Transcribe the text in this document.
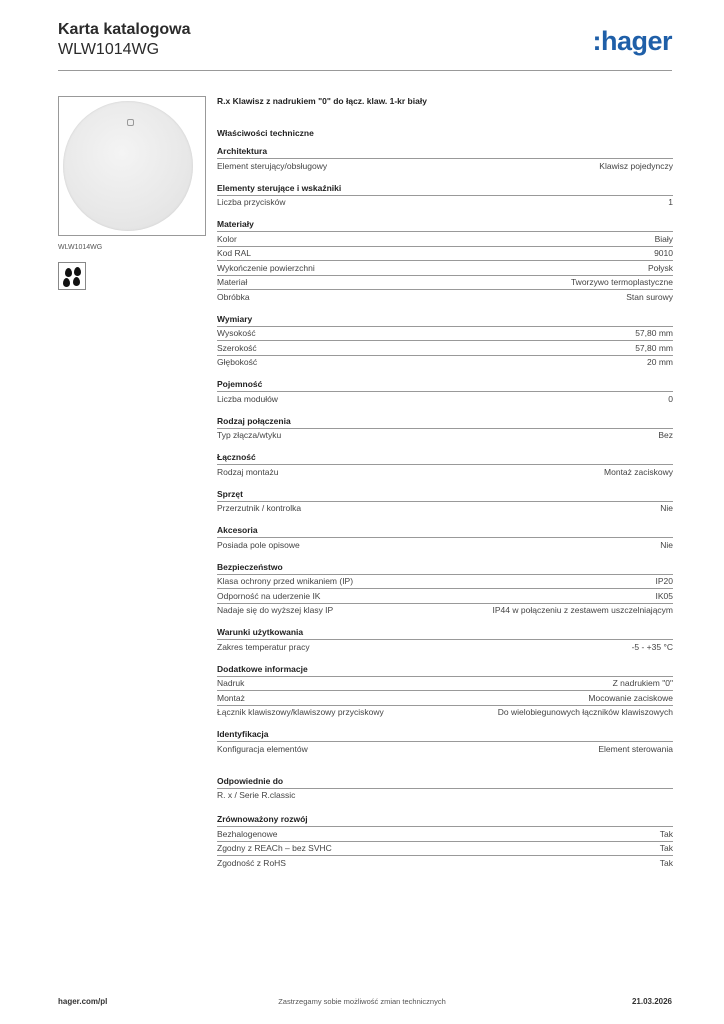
Karta katalogowa
WLW1014WG	:hager
WLW1014WG
R.x Klawisz z nadrukiem "0" do łącz. klaw. 1-kr biały
Właściwości techniczne
Architektura
Element sterujący/obsługowy	Klawisz pojedynczy
Elementy sterujące i wskaźniki
Liczba przycisków	1
Materiały
Kolor	Biały
Kod RAL	9010
Wykończenie powierzchni	Połysk
Materiał	Tworzywo termoplastyczne
Obróbka	Stan surowy
Wymiary
Wysokość	57,80 mm
Szerokość	57,80 mm
Głębokość	20 mm
Pojemność
Liczba modułów	0
Rodzaj połączenia
Typ złącza/wtyku	Bez
Łączność
Rodzaj montażu	Montaż zaciskowy
Sprzęt
Przerzutnik / kontrolka	Nie
Akcesoria
Posiada pole opisowe	Nie
Bezpieczeństwo
Klasa ochrony przed wnikaniem (IP)	IP20
Odporność na uderzenie IK	IK05
Nadaje się do wyższej klasy IP	IP44 w połączeniu z zestawem uszczelniającym
Warunki użytkowania
Zakres temperatur pracy	-5 - +35 °C
Dodatkowe informacje
Nadruk	Z nadrukiem "0"
Montaż	Mocowanie zaciskowe
Łącznik klawiszowy/klawiszowy przyciskowy	Do wielobiegunowych łączników klawiszowych
Identyfikacja
Konfiguracja elementów	Element sterowania
Odpowiednie do
R. x / Serie R.classic
Zrównoważony rozwój
Bezhalogenowe	Tak
Zgodny z REACh – bez SVHC	Tak
Zgodność z RoHS	Tak
hager.com/pl	Zastrzegamy sobie możliwość zmian technicznych	21.03.2026
